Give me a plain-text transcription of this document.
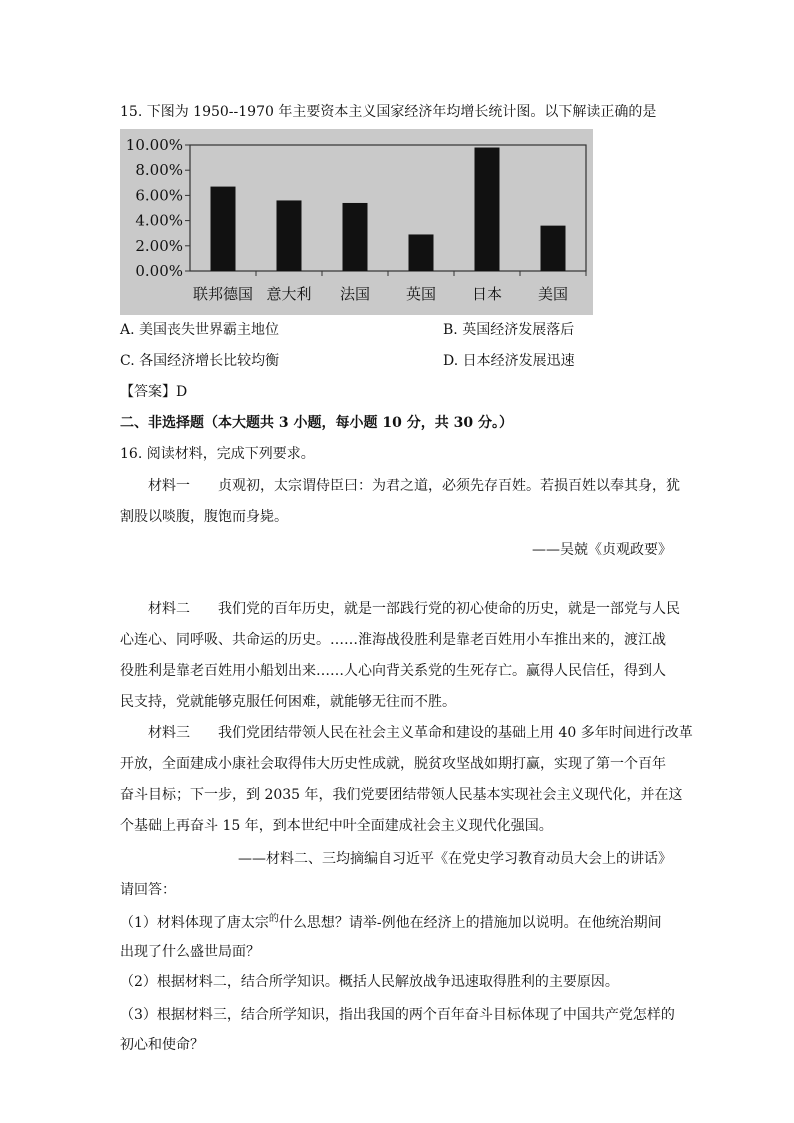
15. 下图为 1950--1970 年主要资本主义国家经济年均增长统计图。以下解读正确的是
10.00%
8.00%
6.00%
4.00%
2.00%
0.00%
联邦德国 意大利 法国 英国 日本 美国
A. 美国丧失世界霸主地位	B. 英国经济发展落后
C. 各国经济增长比较均衡	D. 日本经济发展迅速
【答案】D
二、非选择题（本大题共 3 小题，每小题 10 分，共 30 分。）
16. 阅读材料，完成下列要求。
材料一　　贞观初，太宗谓侍臣曰：为君之道，必须先存百姓。若损百姓以奉其身，犹
割股以啖腹，腹饱而身毙。
——吴兢《贞观政要》
材料二　　我们党的百年历史，就是一部践行党的初心使命的历史，就是一部党与人民
心连心、同呼吸、共命运的历史。……淮海战役胜利是靠老百姓用小车推出来的，渡江战
役胜利是靠老百姓用小船划出来……人心向背关系党的生死存亡。赢得人民信任，得到人
民支持，党就能够克服任何困难，就能够无往而不胜。
材料三　　我们党团结带领人民在社会主义革命和建设的基础上用 40 多年时间进行改革
开放，全面建成小康社会取得伟大历史性成就，脱贫攻坚战如期打赢，实现了第一个百年
奋斗目标；下一步，到 2035 年，我们党要团结带领人民基本实现社会主义现代化，并在这
个基础上再奋斗 15 年，到本世纪中叶全面建成社会主义现代化强国。
——材料二、三均摘编自习近平《在党史学习教育动员大会上的讲话》
请回答：
（1）材料体现了唐太宗$^的$什么思想？请举-例他在经济上的措施加以说明。在他统治期间
出现了什么盛世局面？
（2）根据材料二，结合所学知识。概括人民解放战争迅速取得胜利的主要原因。
（3）根据材料三，结合所学知识，指出我国的两个百年奋斗目标体现了中国共产党怎样的
初心和使命？
